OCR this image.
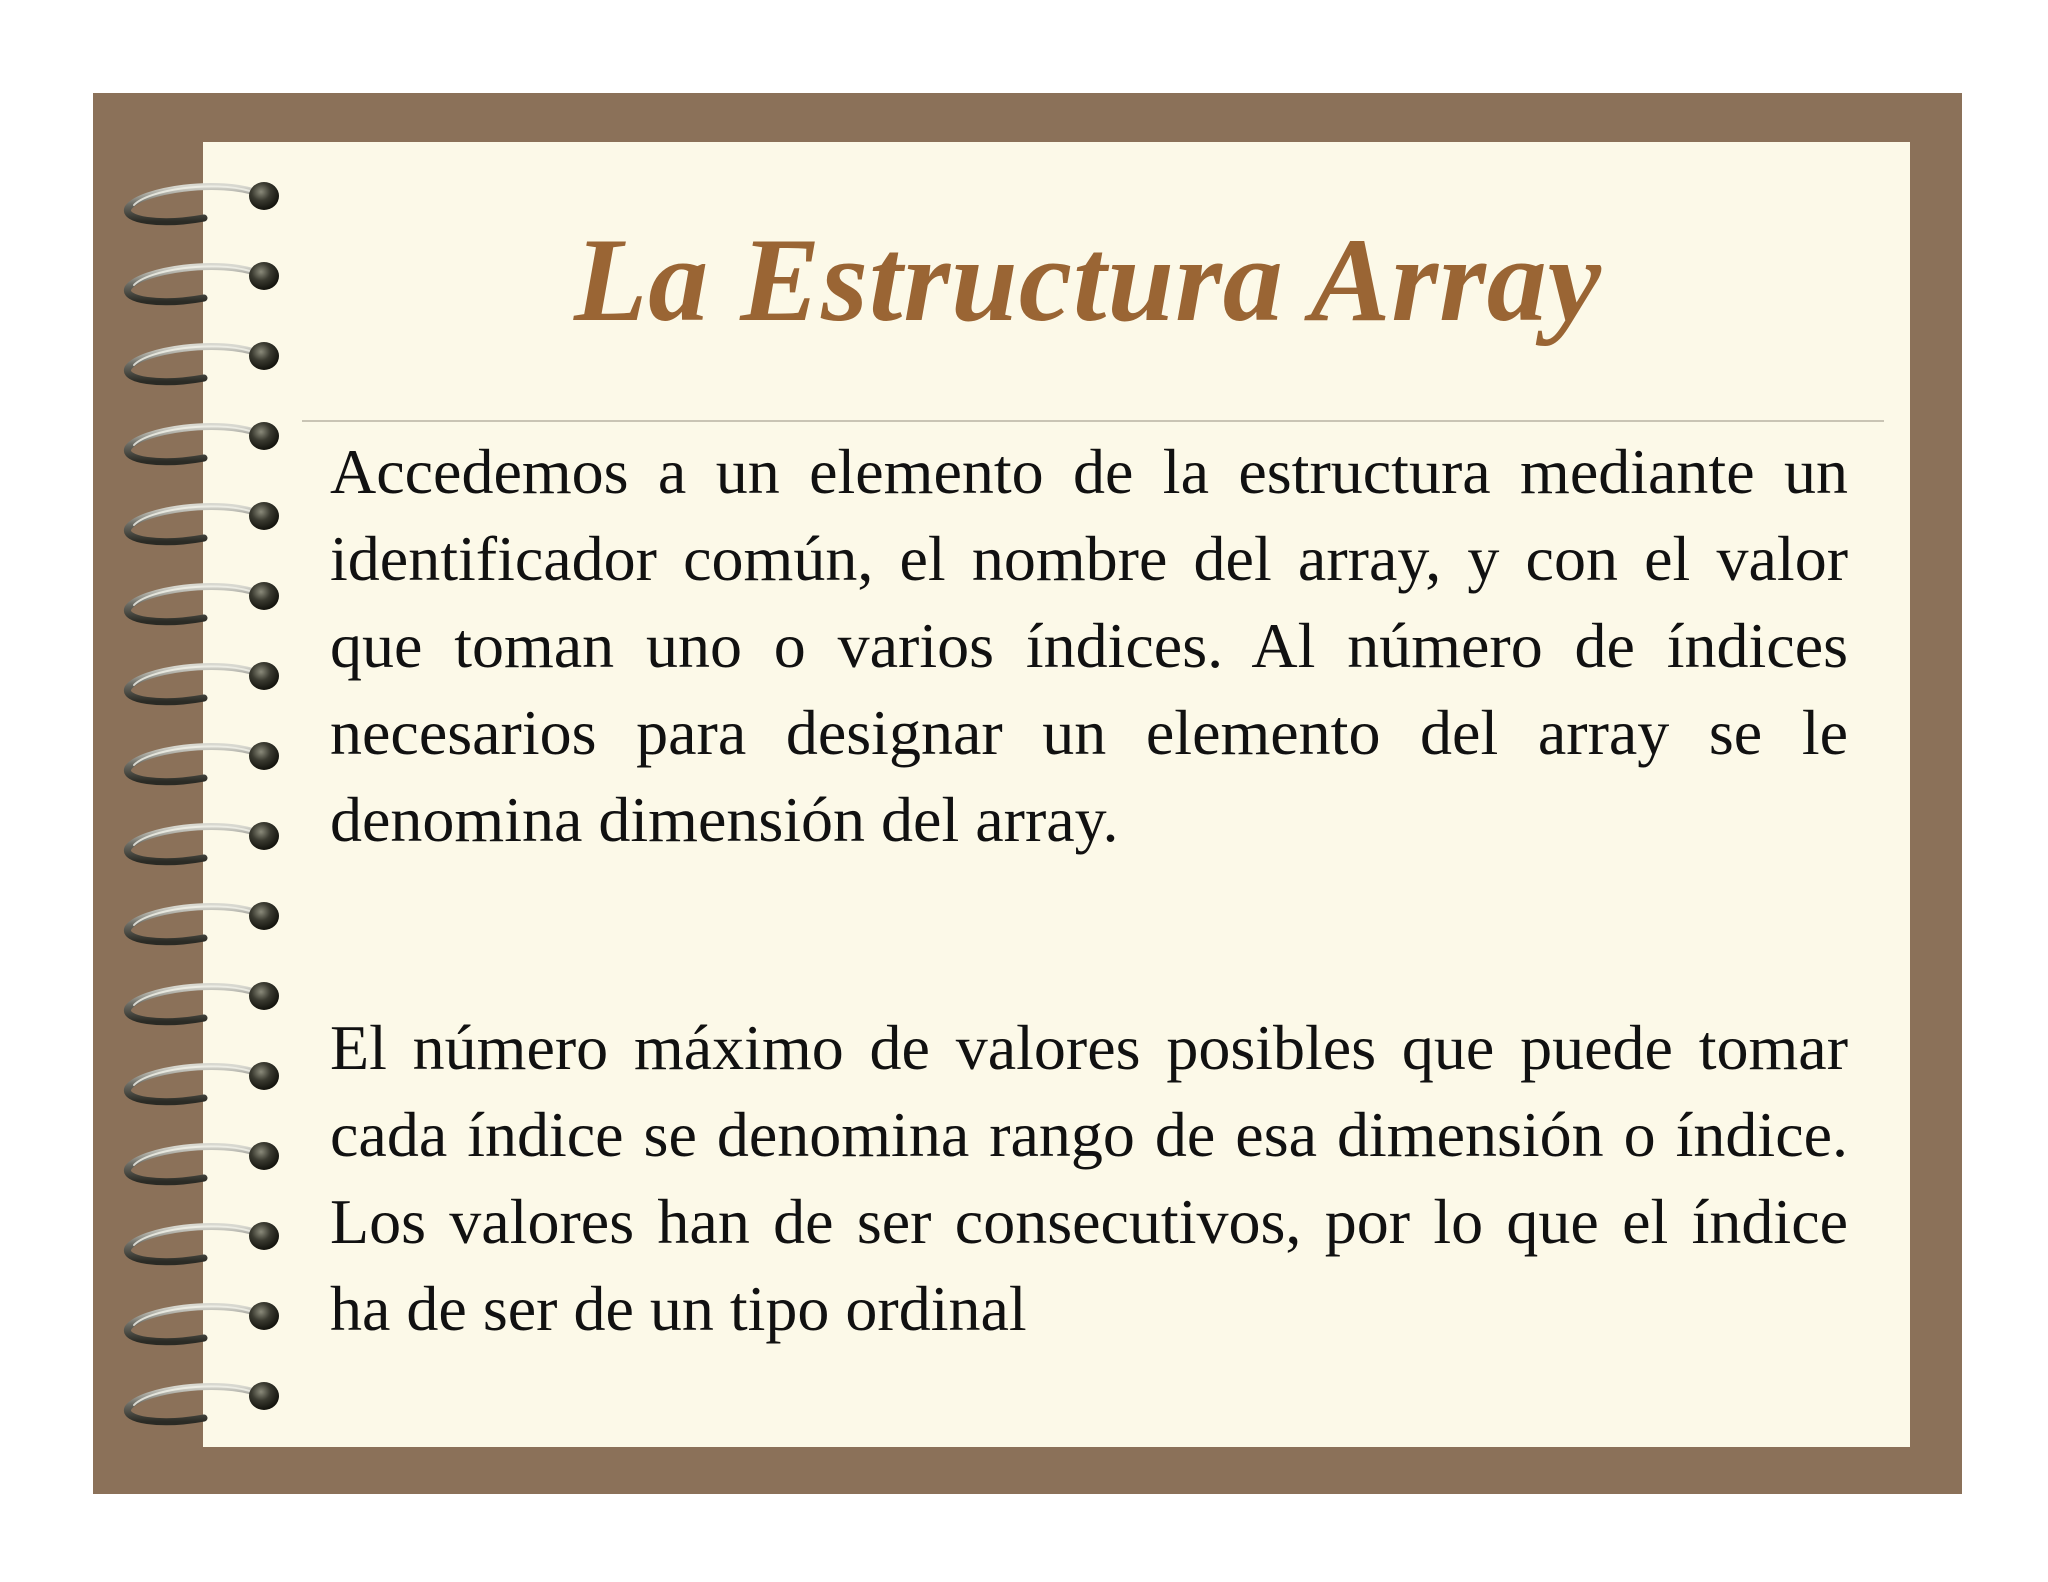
La Estructura Array

Accedemos a un elemento de la estructura mediante un identificador común, el nombre del array, y con el valor que toman uno o varios índices. Al número de índices necesarios para designar un elemento del array se le denomina dimensión del array.

El número máximo de valores posibles que puede tomar cada índice se denomina rango de esa dimensión o índice. Los valores han de ser consecutivos, por lo que el índice ha de ser de un tipo ordinal
